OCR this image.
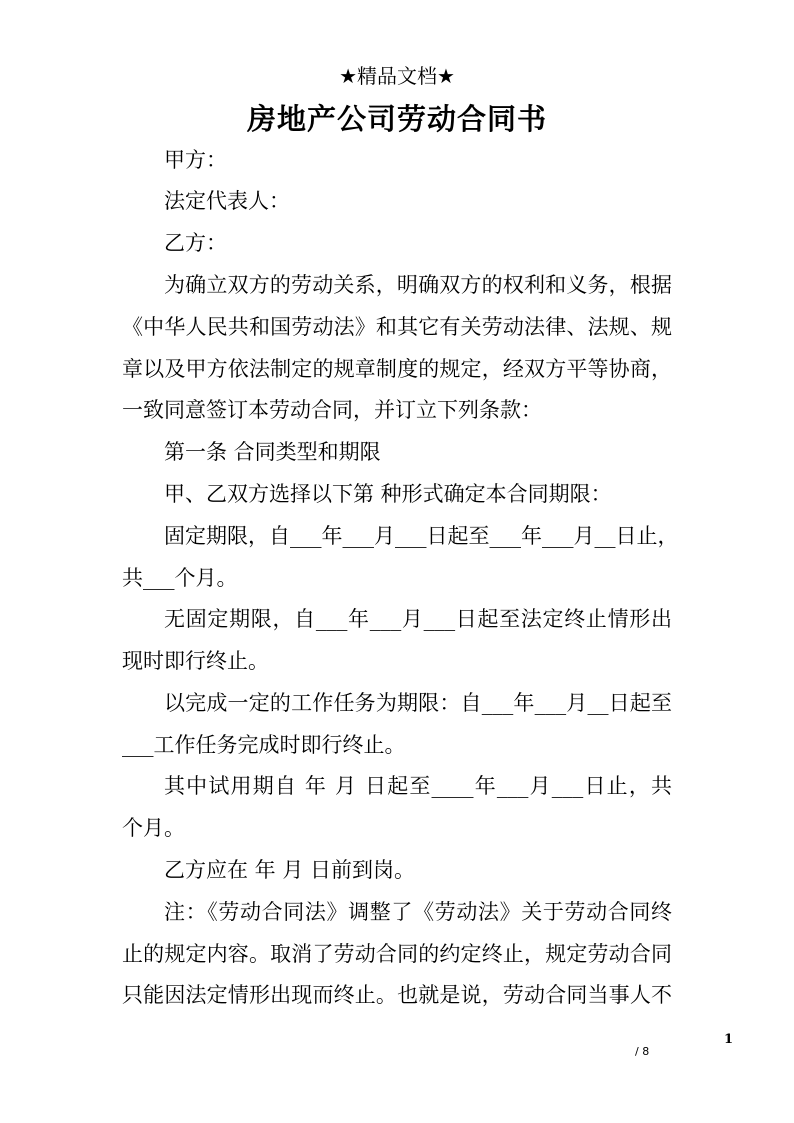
★精品文档★
房地产公司劳动合同书
甲方：
法定代表人：
乙方：
为确立双方的劳动关系，明确双方的权利和义务，根据
《中华人民共和国劳动法》和其它有关劳动法律、法规、规
章以及甲方依法制定的规章制度的规定，经双方平等协商，
一致同意签订本劳动合同，并订立下列条款：
第一条 合同类型和期限
甲、乙双方选择以下第 种形式确定本合同期限：
固定期限，自___年___月___日起至___年___月__日止，
共___个月。
无固定期限，自___年___月___日起至法定终止情形出
现时即行终止。
以完成一定的工作任务为期限：自___年___月__日起至
___工作任务完成时即行终止。
其中试用期自 年 月 日起至____年___月___日止，共
个月。
乙方应在 年 月 日前到岗。
注：《劳动合同法》调整了《劳动法》关于劳动合同终
止的规定内容。取消了劳动合同的约定终止，规定劳动合同
只能因法定情形出现而终止。也就是说，劳动合同当事人不
1
/ 8
